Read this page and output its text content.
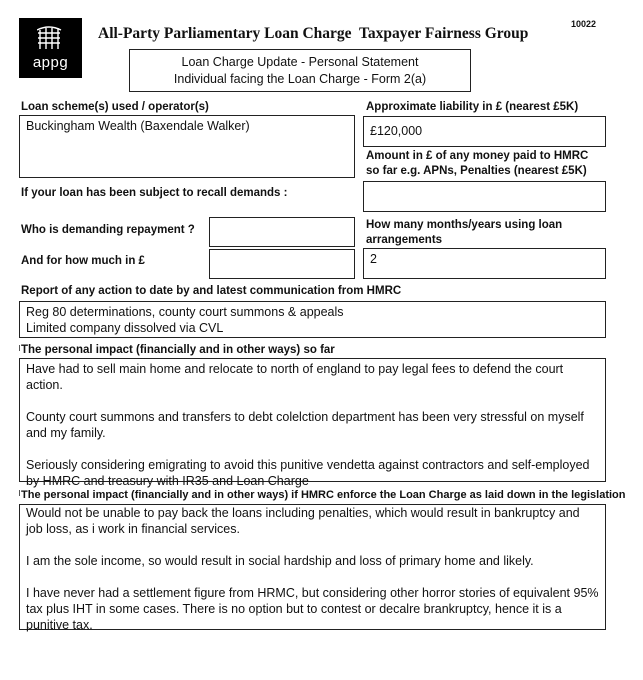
appg
10022
All-Party Parliamentary Loan Charge  Taxpayer Fairness Group
Loan Charge Update - Personal Statement
Individual facing the Loan Charge - Form 2(a)
Loan scheme(s) used / operator(s)
Buckingham Wealth (Baxendale Walker)
Approximate liability in £ (nearest £5K)
£120,000
Amount in £ of any money paid to HMRC
so far e.g. APNs, Penalties (nearest £5K)
If your loan has been subject to recall demands :
Who is demanding repayment ?
And for how much in £
How many months/years using loan
arrangements
2
Report of any action to date by and latest communication from HMRC
Reg 80 determinations, county court summons & appeals
Limited company dissolved via CVL
The personal impact (financially and in other ways) so far

Have had to sell main home and relocate to north of england to pay legal fees to defend the court action.

County court summons and transfers to debt colelction department has been very stressful on myself and my family.

Seriously considering emigrating to avoid this punitive vendetta against contractors and self-employed by HMRC and treasury with IR35 and Loan Charge

The personal impact (financially and in other ways) if HMRC enforce the Loan Charge as laid down in the legislation

Would not be unable to pay back the loans including penalties, which would result in bankruptcy and job loss, as i work in financial services.

I am the sole income, so would result in social hardship and loss of primary home and likely.

I have never had a settlement figure from HRMC, but considering other horror stories of equivalent 95% tax plus IHT in some cases. There is no option but to contest or decalre brankruptcy, hence it is a punitive tax.
